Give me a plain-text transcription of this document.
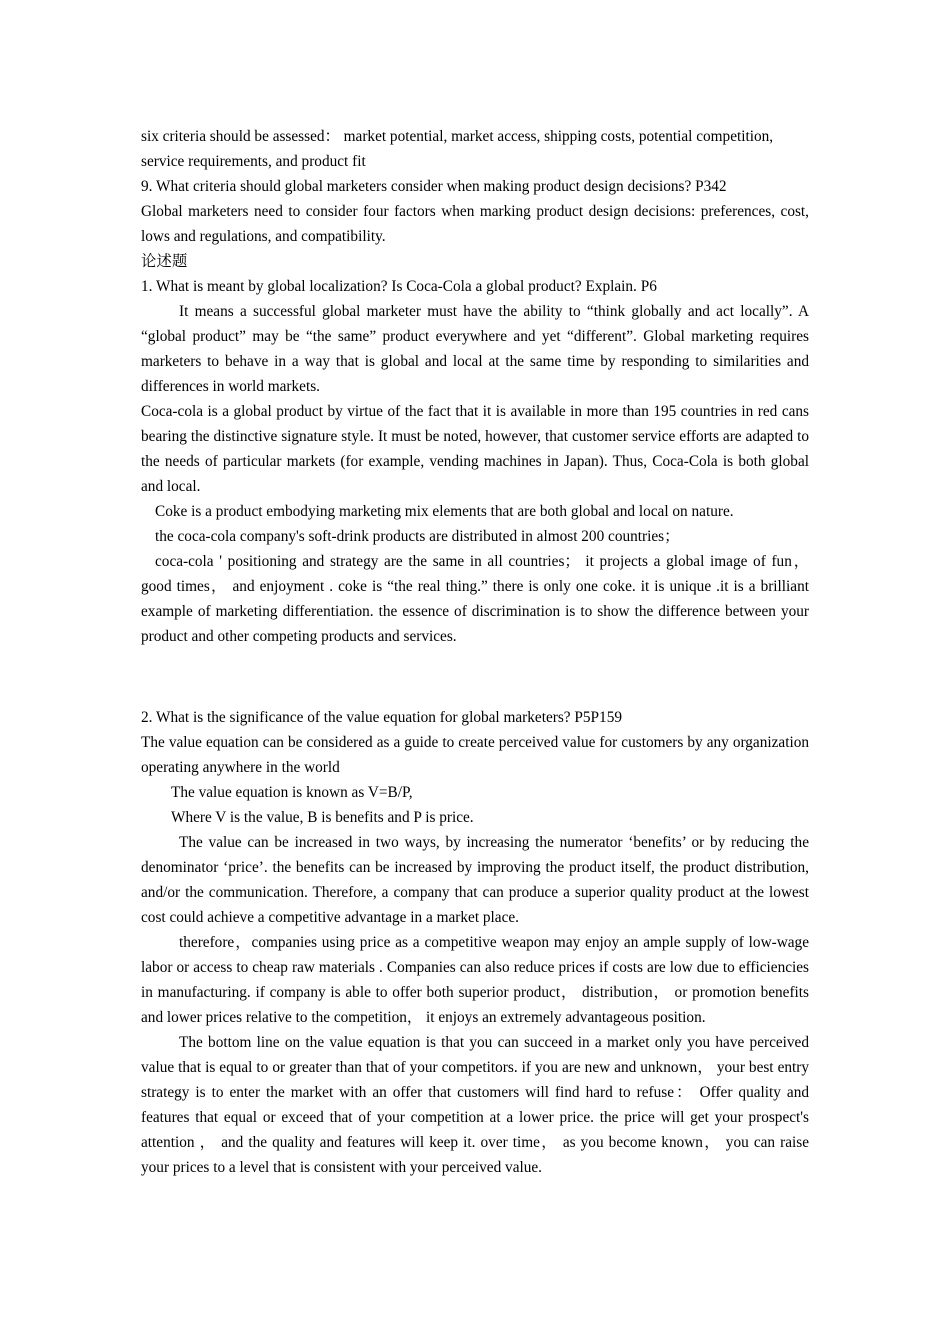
six criteria should be assessed： market potential, market access, shipping costs, potential competition, service requirements, and product fit

9. What criteria should global marketers consider when making product design decisions? P342

Global marketers need to consider four factors when marking product design decisions: preferences, cost, lows and regulations, and compatibility.

论述题

1. What is meant by global localization? Is Coca-Cola a global product? Explain. P6

It means a successful global marketer must have the ability to “think globally and act locally”. A “global product” may be “the same” product everywhere and yet “different”. Global marketing requires marketers to behave in a way that is global and local at the same time by responding to similarities and differences in world markets.

Coca-cola is a global product by virtue of the fact that it is available in more than 195 countries in red cans bearing the distinctive signature style. It must be noted, however, that customer service efforts are adapted to the needs of particular markets (for example, vending machines in Japan). Thus, Coca-Cola is both global and local.

Coke is a product embodying marketing mix elements that are both global and local on nature.

the coca-cola company's soft-drink products are distributed in almost 200 countries；

coca-cola ' positioning and strategy are the same in all countries； it projects a global image of fun， good times， and enjoyment . coke is “the real thing.” there is only one coke. it is unique .it is a brilliant example of marketing differentiation. the essence of discrimination is to show the difference between your product and other competing products and services.

2. What is the significance of the value equation for global marketers? P5P159

The value equation can be considered as a guide to create perceived value for customers by any organization operating anywhere in the world

The value equation is known as V=B/P,

Where V is the value, B is benefits and P is price.

The value can be increased in two ways, by increasing the numerator ‘benefits’ or by reducing the denominator ‘price’. the benefits can be increased by improving the product itself, the product distribution, and/or the communication. Therefore, a company that can produce a superior quality product at the lowest cost could achieve a competitive advantage in a market place.

therefore，companies using price as a competitive weapon may enjoy an ample supply of low-wage labor or access to cheap raw materials . Companies can also reduce prices if costs are low due to efficiencies in manufacturing. if company is able to offer both superior product， distribution， or promotion benefits and lower prices relative to the competition， it enjoys an extremely advantageous position.

The bottom line on the value equation is that you can succeed in a market only you have perceived value that is equal to or greater than that of your competitors. if you are new and unknown， your best entry strategy is to enter the market with an offer that customers will find hard to refuse： Offer quality and features that equal or exceed that of your competition at a lower price. the price will get your prospect's attention ， and the quality and features will keep it. over time， as you become known， you can raise your prices to a level that is consistent with your perceived value.
